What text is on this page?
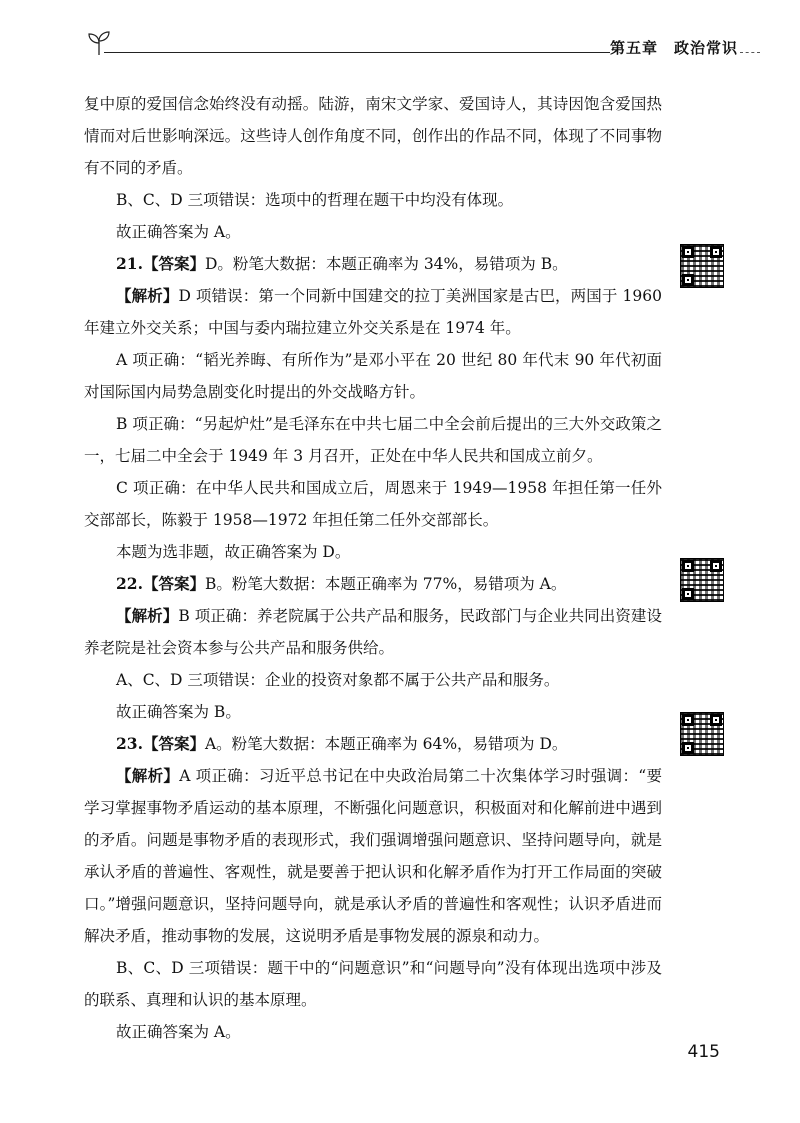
第五章　政治常识

复中原的爱国信念始终没有动摇。陆游，南宋文学家、爱国诗人，其诗因饱含爱国热情而对后世影响深远。这些诗人创作角度不同，创作出的作品不同，体现了不同事物有不同的矛盾。

B、C、D 三项错误：选项中的哲理在题干中均没有体现。

故正确答案为 A。

21.【答案】D。粉笔大数据：本题正确率为 34%，易错项为 B。

【解析】D 项错误：第一个同新中国建交的拉丁美洲国家是古巴，两国于 1960 年建立外交关系；中国与委内瑞拉建立外交关系是在 1974 年。

A 项正确：“韬光养晦、有所作为”是邓小平在 20 世纪 80 年代末 90 年代初面对国际国内局势急剧变化时提出的外交战略方针。

B 项正确：“另起炉灶”是毛泽东在中共七届二中全会前后提出的三大外交政策之一，七届二中全会于 1949 年 3 月召开，正处在中华人民共和国成立前夕。

C 项正确：在中华人民共和国成立后，周恩来于 1949—1958 年担任第一任外交部部长，陈毅于 1958—1972 年担任第二任外交部部长。

本题为选非题，故正确答案为 D。

22.【答案】B。粉笔大数据：本题正确率为 77%，易错项为 A。

【解析】B 项正确：养老院属于公共产品和服务，民政部门与企业共同出资建设养老院是社会资本参与公共产品和服务供给。

A、C、D 三项错误：企业的投资对象都不属于公共产品和服务。

故正确答案为 B。

23.【答案】A。粉笔大数据：本题正确率为 64%，易错项为 D。

【解析】A 项正确：习近平总书记在中央政治局第二十次集体学习时强调：“要学习掌握事物矛盾运动的基本原理，不断强化问题意识，积极面对和化解前进中遇到的矛盾。问题是事物矛盾的表现形式，我们强调增强问题意识、坚持问题导向，就是承认矛盾的普遍性、客观性，就是要善于把认识和化解矛盾作为打开工作局面的突破口。”增强问题意识，坚持问题导向，就是承认矛盾的普遍性和客观性；认识矛盾进而解决矛盾，推动事物的发展，这说明矛盾是事物发展的源泉和动力。

B、C、D 三项错误：题干中的“问题意识”和“问题导向”没有体现出选项中涉及的联系、真理和认识的基本原理。

故正确答案为 A。

415
